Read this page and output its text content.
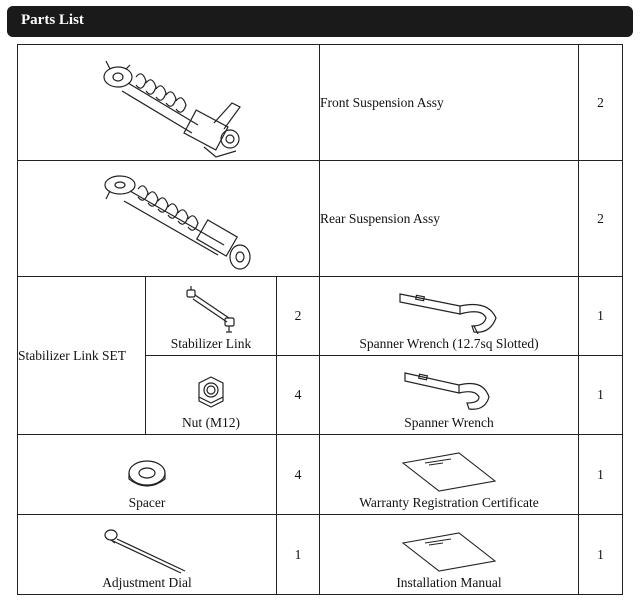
Parts List
	Front Suspension Assy	2

	Rear Suspension Assy	2
Stabilizer Link SET	Stabilizer Link	2	Spanner Wrench (12.7sq Slotted)	1

	Nut (M12)	4	Spanner Wrench	1

Spacer		4	Warranty Registration Certificate	1

Adjustment Dial		1	Installation Manual	1
